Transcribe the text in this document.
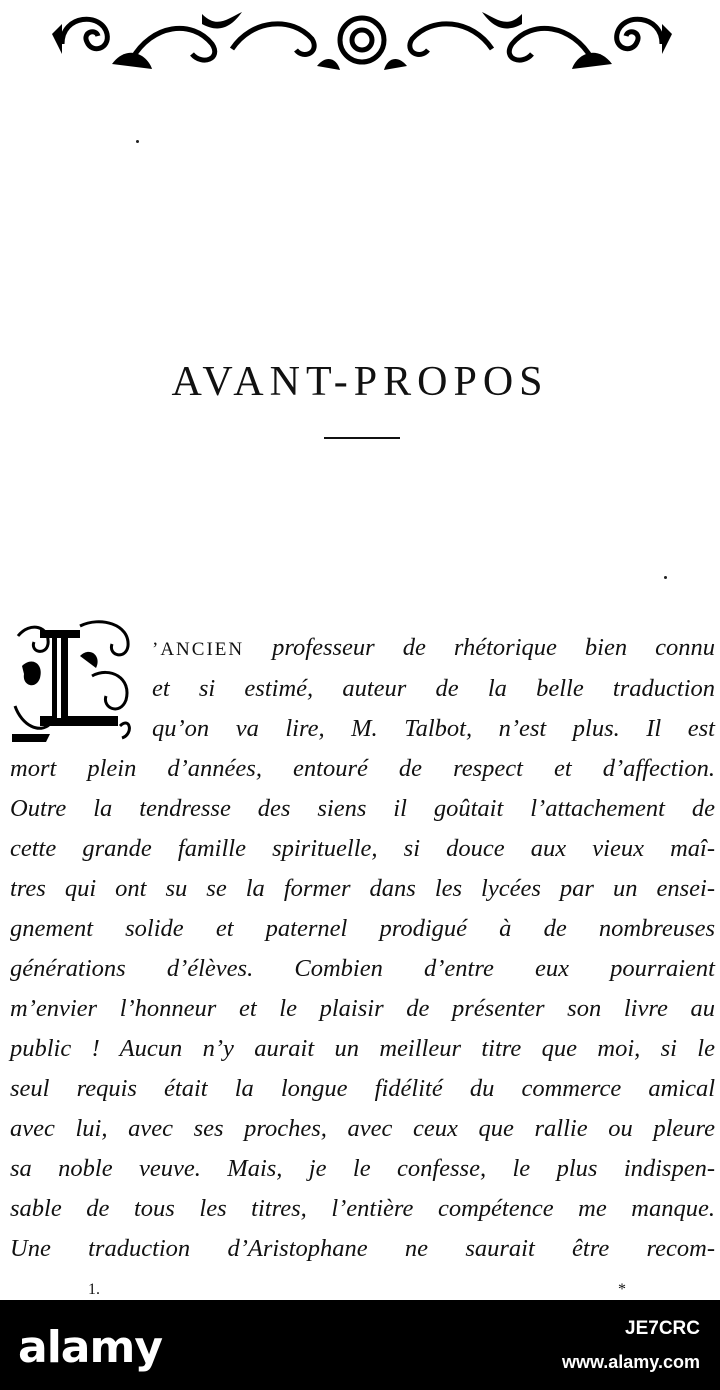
AVANT-PROPOS
’ANCIEN professeur de rhétorique bien connu
et si estimé, auteur de la belle traduction
qu’on va lire, M. Talbot, n’est plus. Il est
mort plein d’années, entouré de respect et d’affection.
Outre la tendresse des siens il goûtait l’attachement de
cette grande famille spirituelle, si douce aux vieux maî-
tres qui ont su se la former dans les lycées par un ensei-
gnement solide et paternel prodigué à de nombreuses
générations d’élèves. Combien d’entre eux pourraient
m’envier l’honneur et le plaisir de présenter son livre au
public ! Aucun n’y aurait un meilleur titre que moi, si le
seul requis était la longue fidélité du commerce amical
avec lui, avec ses proches, avec ceux que rallie ou pleure
sa noble veuve. Mais, je le confesse, le plus indispen-
sable de tous les titres, l’entière compétence me manque.
Une traduction d’Aristophane ne saurait être recom-
1.	*
alamy	JE7CRC
www.alamy.com
